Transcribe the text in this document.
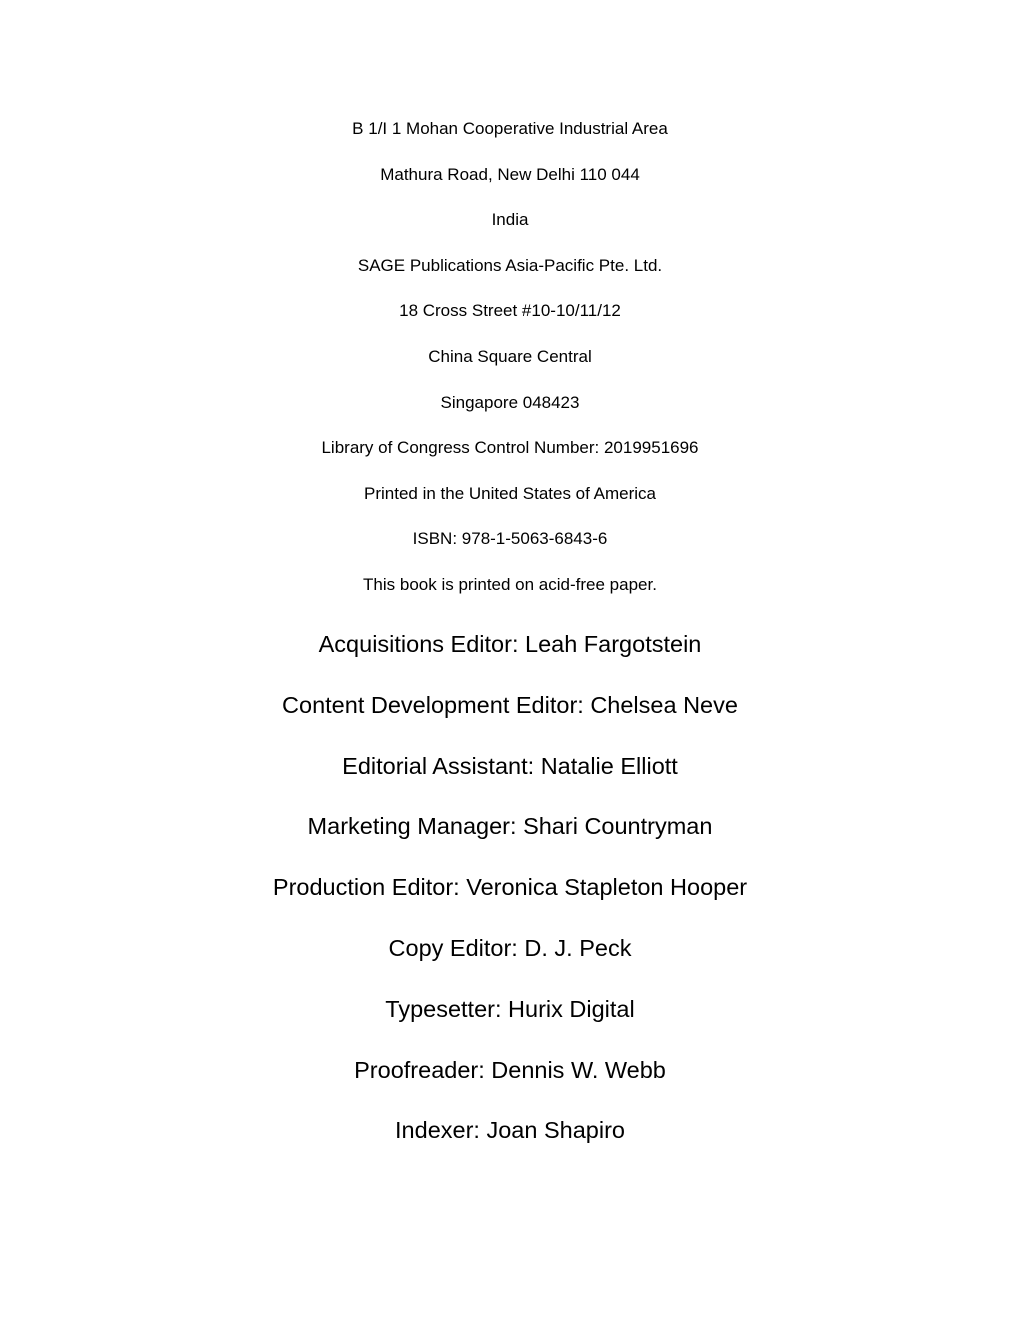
B 1/I 1 Mohan Cooperative Industrial Area
Mathura Road, New Delhi 110 044
India
SAGE Publications Asia-Pacific Pte. Ltd.
18 Cross Street #10-10/11/12
China Square Central
Singapore 048423
Library of Congress Control Number: 2019951696
Printed in the United States of America
ISBN: 978-1-5063-6843-6
This book is printed on acid-free paper.
Acquisitions Editor: Leah Fargotstein
Content Development Editor: Chelsea Neve
Editorial Assistant: Natalie Elliott
Marketing Manager: Shari Countryman
Production Editor: Veronica Stapleton Hooper
Copy Editor: D. J. Peck
Typesetter: Hurix Digital
Proofreader: Dennis W. Webb
Indexer: Joan Shapiro
